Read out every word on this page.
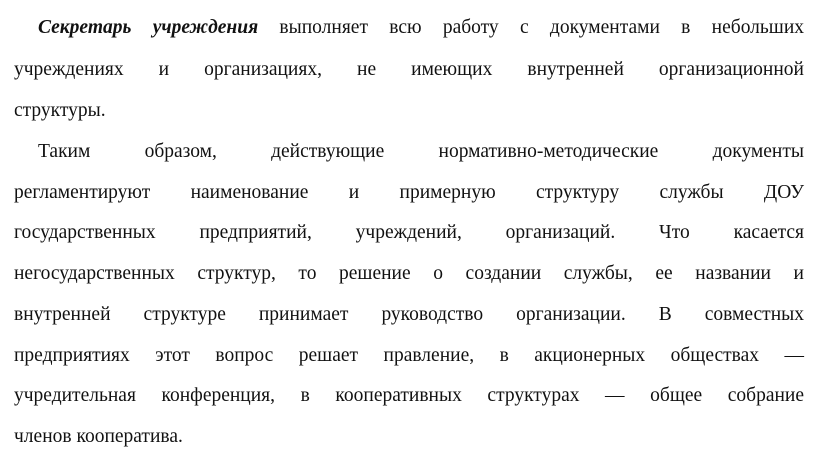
Секретарь учреждения выполняет всю работу с документами в небольших
учреждениях и организациях, не имеющих внутренней организационной
структуры.
Таким образом, действующие нормативно-методические документы
регламентируют наименование и примерную структуру службы ДОУ
государственных предприятий, учреждений, организаций. Что касается
негосударственных структур, то решение о создании службы, ее названии и
внутренней структуре принимает руководство организации. В совместных
предприятиях этот вопрос решает правление, в акционерных обществах —
учредительная конференция, в кооперативных структурах — общее собрание
членов кооператива.
